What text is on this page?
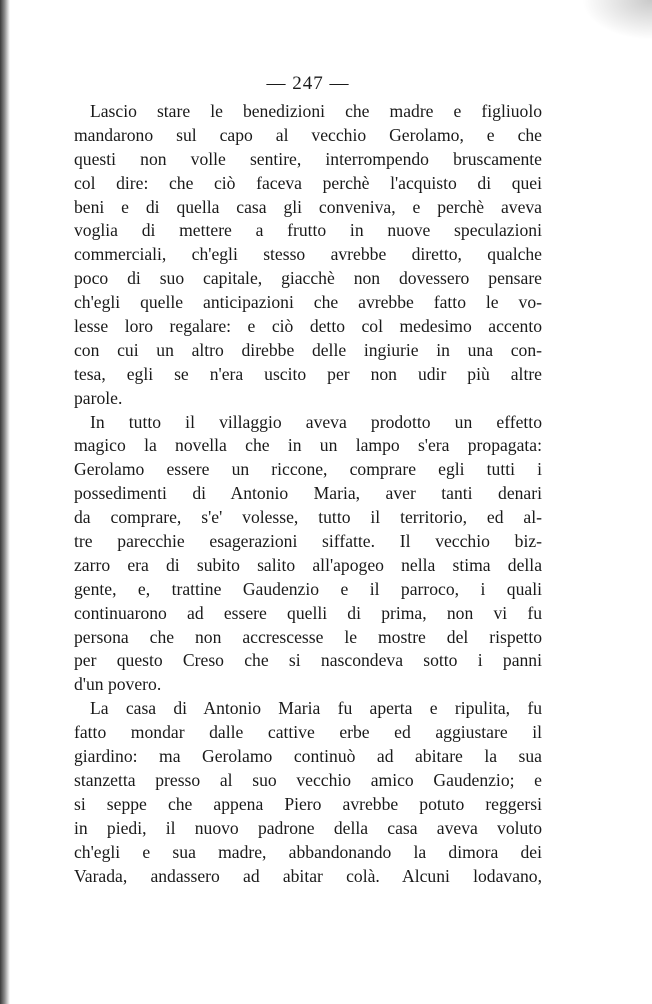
— 247 —
Lascio stare le benedizioni che madre e figliuolo
mandarono sul capo al vecchio Gerolamo, e che
questi non volle sentire, interrompendo bruscamente
col dire: che ciò faceva perchè l'acquisto di quei
beni e di quella casa gli conveniva, e perchè aveva
voglia di mettere a frutto in nuove speculazioni
commerciali, ch'egli stesso avrebbe diretto, qualche
poco di suo capitale, giacchè non dovessero pensare
ch'egli quelle anticipazioni che avrebbe fatto le vo-
lesse loro regalare: e ciò detto col medesimo accento
con cui un altro direbbe delle ingiurie in una con-
tesa, egli se n'era uscito per non udir più altre
parole.
In tutto il villaggio aveva prodotto un effetto
magico la novella che in un lampo s'era propagata:
Gerolamo essere un riccone, comprare egli tutti i
possedimenti di Antonio Maria, aver tanti denari
da comprare, s'e' volesse, tutto il territorio, ed al-
tre parecchie esagerazioni siffatte. Il vecchio biz-
zarro era di subito salito all'apogeo nella stima della
gente, e, trattine Gaudenzio e il parroco, i quali
continuarono ad essere quelli di prima, non vi fu
persona che non accrescesse le mostre del rispetto
per questo Creso che si nascondeva sotto i panni
d'un povero.
La casa di Antonio Maria fu aperta e ripulita, fu
fatto mondar dalle cattive erbe ed aggiustare il
giardino: ma Gerolamo continuò ad abitare la sua
stanzetta presso al suo vecchio amico Gaudenzio; e
si seppe che appena Piero avrebbe potuto reggersi
in piedi, il nuovo padrone della casa aveva voluto
ch'egli e sua madre, abbandonando la dimora dei
Varada, andassero ad abitar colà. Alcuni lodavano,
